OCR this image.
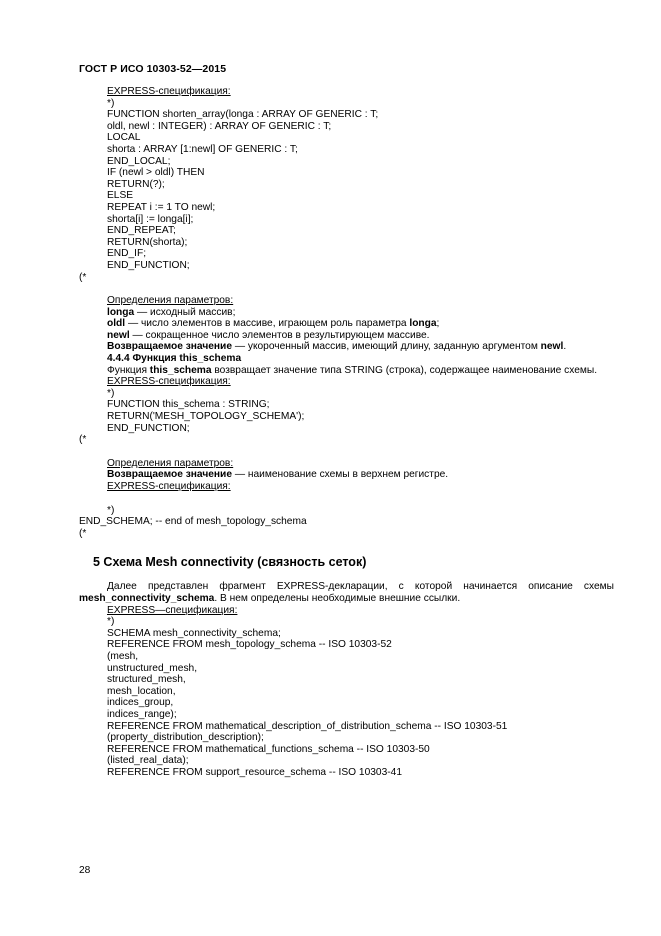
ГОСТ Р ИСО 10303-52—2015
EXPRESS-спецификация:
*)
FUNCTION shorten_array(longa : ARRAY OF GENERIC : T;
oldl, newl : INTEGER) : ARRAY OF GENERIC : T;
LOCAL
shorta : ARRAY [1:newl] OF GENERIC : T;
END_LOCAL;
IF (newl > oldl) THEN
RETURN(?);
ELSE
REPEAT i := 1 TO newl;
shorta[i] := longa[i];
END_REPEAT;
RETURN(shorta);
END_IF;
END_FUNCTION;
(*
Определения параметров:
longa — исходный массив;
oldl — число элементов в массиве, играющем роль параметра longa;
newl — сокращенное число элементов в результирующем массиве.
Возвращаемое значение — укороченный массив, имеющий длину, заданную аргументом newl.
4.4.4 Функция this_schema
Функция this_schema возвращает значение типа STRING (строка), содержащее наименование схемы.
EXPRESS-спецификация:
*)
FUNCTION this_schema : STRING;
RETURN('MESH_TOPOLOGY_SCHEMA');
END_FUNCTION;
(*
Определения параметров:
Возвращаемое значение — наименование схемы в верхнем регистре.
EXPRESS-спецификация:
*)
END_SCHEMA; -- end of mesh_topology_schema
(*
5 Схема Mesh connectivity (связность сеток)
Далее представлен фрагмент EXPRESS-декларации, с которой начинается описание схемы mesh_connectivity_schema. В нем определены необходимые внешние ссылки.
EXPRESS—спецификация:
*)
SCHEMA mesh_connectivity_schema;
REFERENCE FROM mesh_topology_schema -- ISO 10303-52
(mesh,
unstructured_mesh,
structured_mesh,
mesh_location,
indices_group,
indices_range);
REFERENCE FROM mathematical_description_of_distribution_schema -- ISO 10303-51
(property_distribution_description);
REFERENCE FROM mathematical_functions_schema -- ISO 10303-50
(listed_real_data);
REFERENCE FROM support_resource_schema -- ISO 10303-41
28
